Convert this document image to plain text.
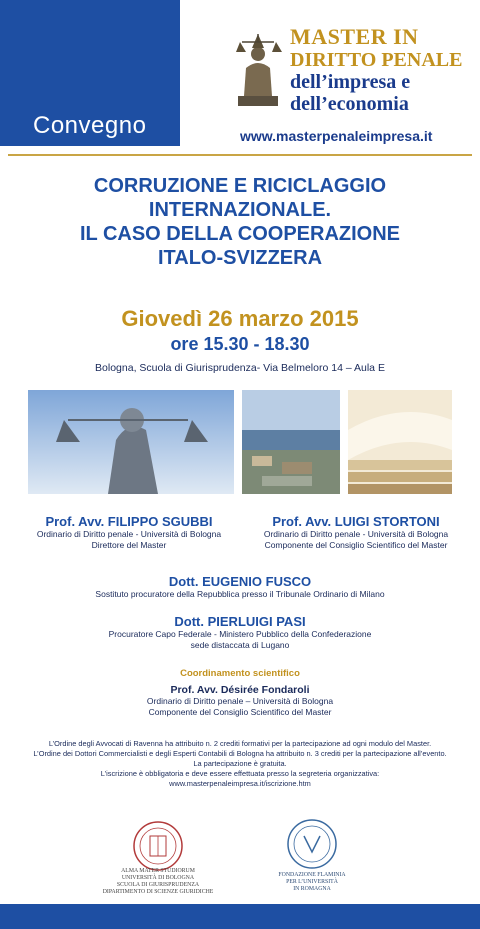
Convegno
MASTER IN
DIRITTO PENALE
dell’impresa e
dell’economia
www.masterpenaleimpresa.it
CORRUZIONE E RICICLAGGIO
INTERNAZIONALE.
IL CASO DELLA COOPERAZIONE
ITALO-SVIZZERA
Giovedì 26 marzo 2015
ore 15.30 - 18.30
Bologna, Scuola di Giurisprudenza- Via Belmeloro 14 – Aula E
Prof. Avv. FILIPPO SGUBBI
Ordinario di Diritto penale - Università di Bologna
Direttore del Master
Prof. Avv. LUIGI STORTONI
Ordinario di Diritto penale - Università di Bologna
Componente del Consiglio Scientifico del Master
Dott. EUGENIO FUSCO
Sostituto procuratore della Repubblica presso il Tribunale Ordinario di Milano
Dott. PIERLUIGI PASI
Procuratore Capo Federale - Ministero Pubblico della Confederazione
sede distaccata di Lugano
Coordinamento scientifico
Prof. Avv. Désirée Fondaroli
Ordinario di Diritto penale – Università di Bologna
Componente del Consiglio Scientifico del Master
L’Ordine degli Avvocati di Ravenna ha attribuito n. 2 crediti formativi per la partecipazione ad ogni modulo del Master.
L’Ordine dei Dottori Commercialisti e degli Esperti Contabili di Bologna ha attribuito n. 3 crediti per la partecipazione all’evento.
La partecipazione è gratuita.
L’iscrizione è obbligatoria e deve essere effettuata presso la segreteria organizzativa:
www.masterpenaleimpresa.it/iscrizione.htm
ALMA MATER STUDIORUM
UNIVERSITÀ DI BOLOGNA
SCUOLA DI GIURISPRUDENZA
DIPARTIMENTO DI SCIENZE GIURIDICHE
FONDAZIONE FLAMINIA
PER L’UNIVERSITÀ
IN ROMAGNA
